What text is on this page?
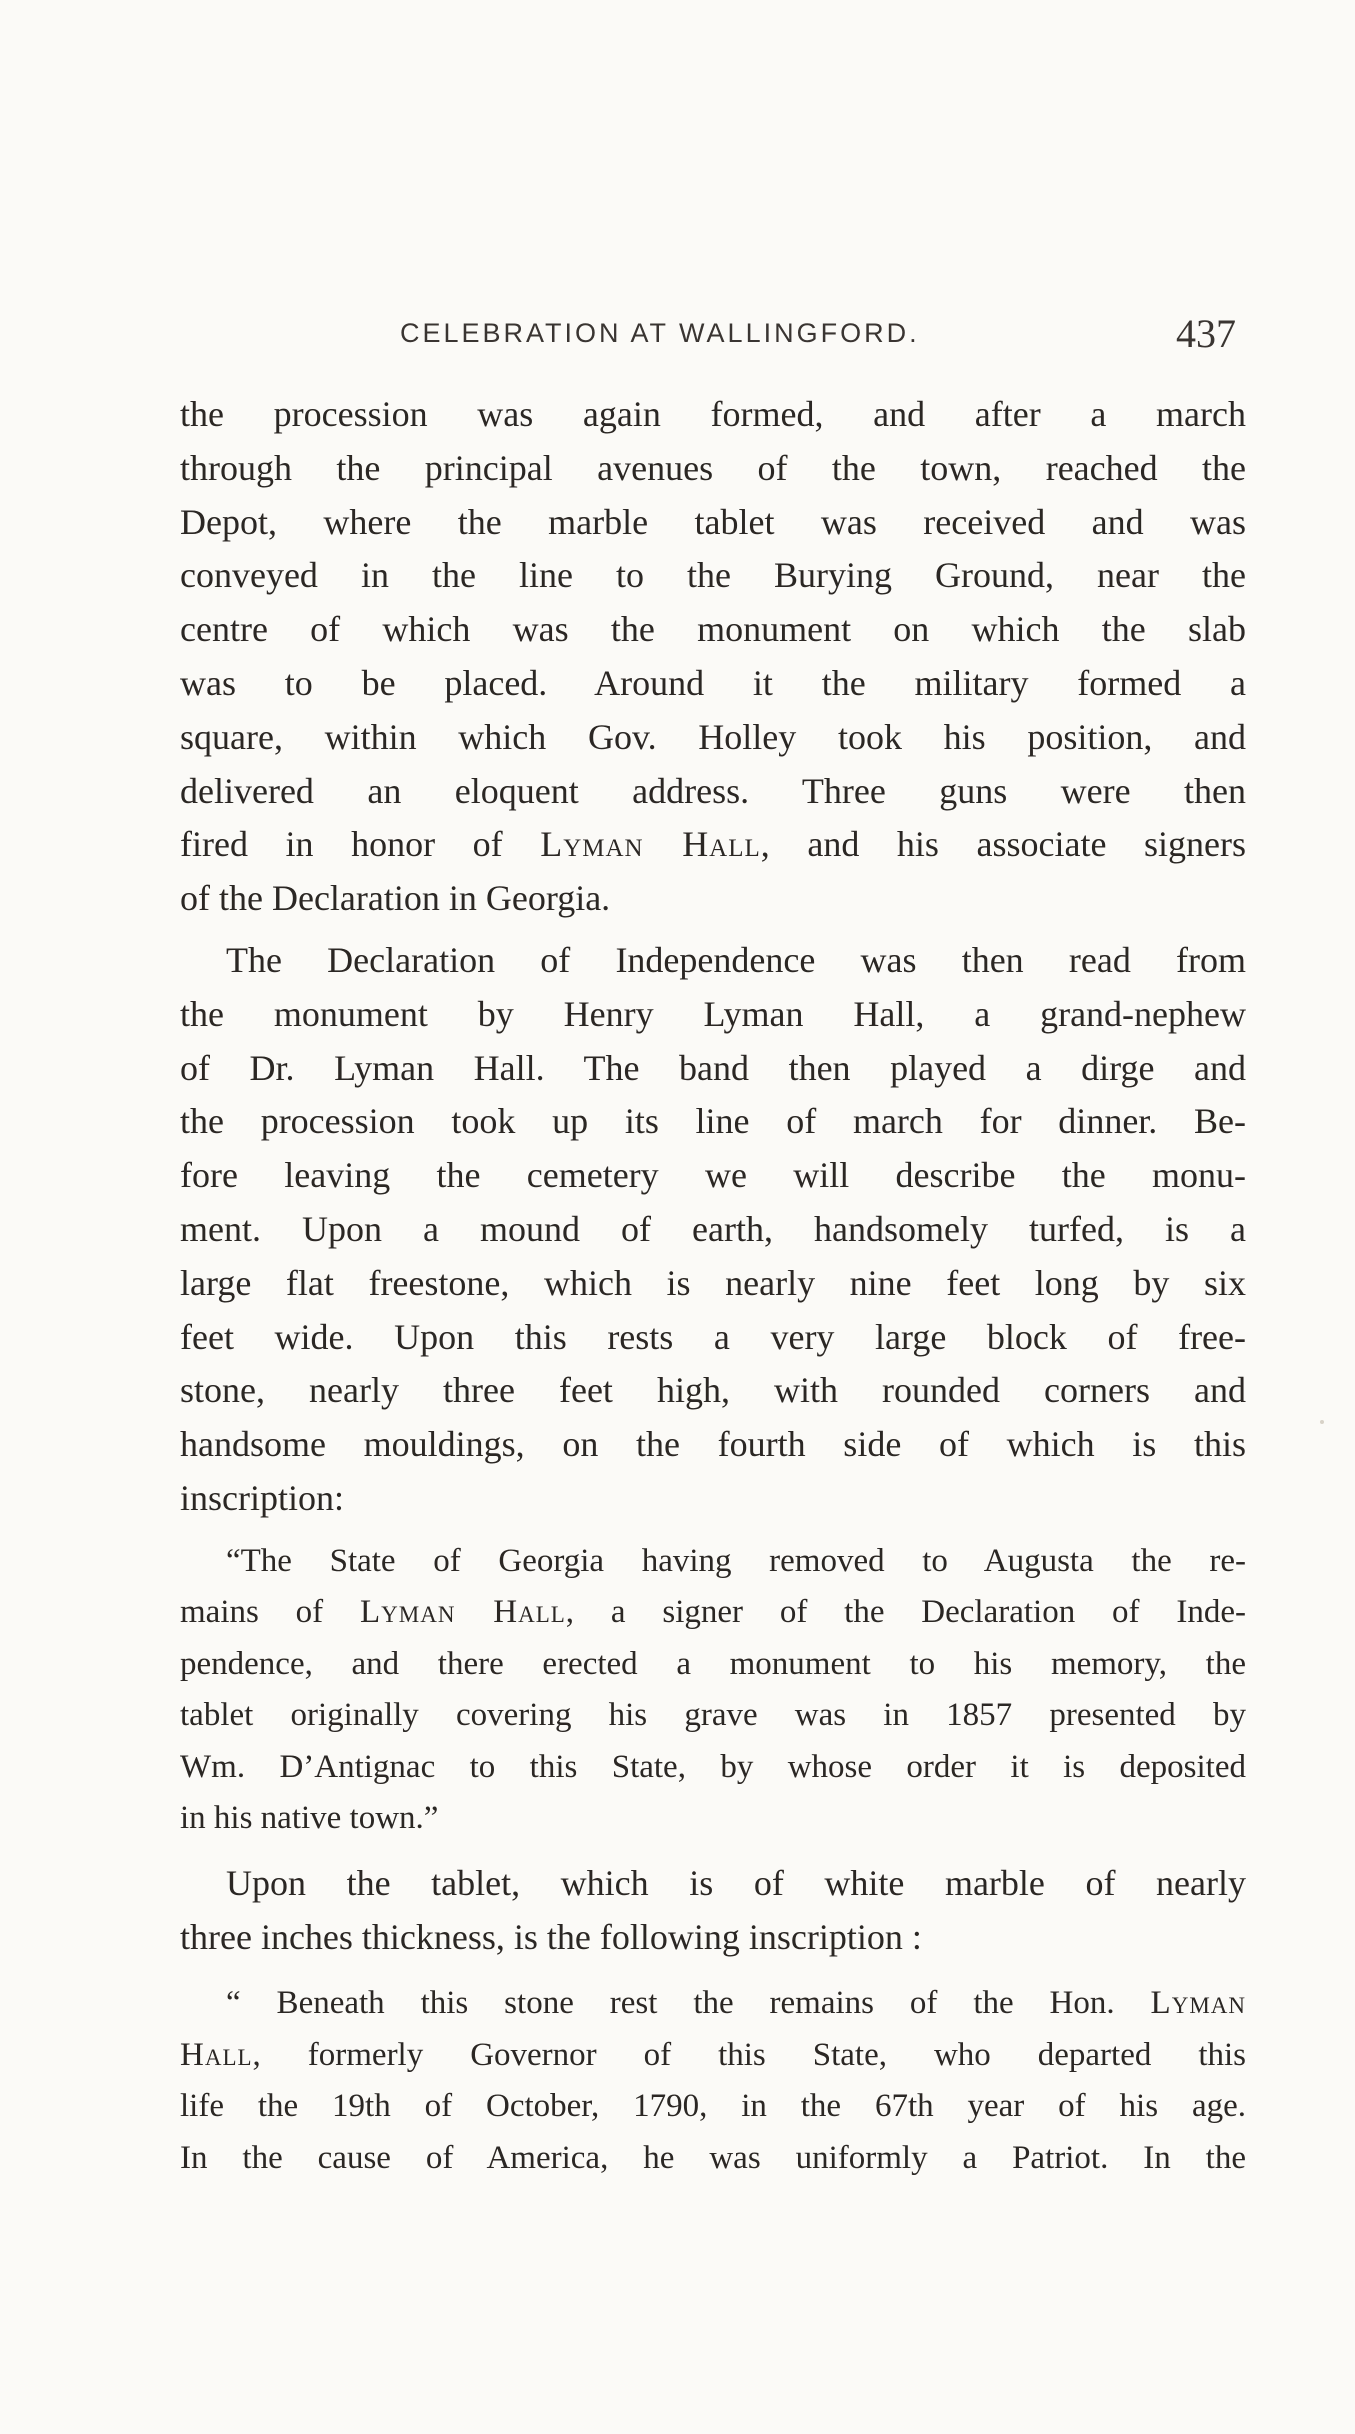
CELEBRATION AT WALLINGFORD.	437

the procession was again formed, and after a march
through the principal avenues of the town, reached the
Depot, where the marble tablet was received and was
conveyed in the line to the Burying Ground, near the
centre of which was the monument on which the slab
was to be placed. Around it the military formed a
square, within which Gov. Holley took his position, and
delivered an eloquent address. Three guns were then
fired in honor of Lyman Hall, and his associate signers
of the Declaration in Georgia.

The Declaration of Independence was then read from
the monument by Henry Lyman Hall, a grand-nephew
of Dr. Lyman Hall. The band then played a dirge and
the procession took up its line of march for dinner. Be-
fore leaving the cemetery we will describe the monu-
ment. Upon a mound of earth, handsomely turfed, is a
large flat freestone, which is nearly nine feet long by six
feet wide. Upon this rests a very large block of free-
stone, nearly three feet high, with rounded corners and
handsome mouldings, on the fourth side of which is this
inscription:

“The State of Georgia having removed to Augusta the re-
mains of Lyman Hall, a signer of the Declaration of Inde-
pendence, and there erected a monument to his memory, the
tablet originally covering his grave was in 1857 presented by
Wm. D’Antignac to this State, by whose order it is deposited
in his native town.”

Upon the tablet, which is of white marble of nearly
three inches thickness, is the following inscription :

“ Beneath this stone rest the remains of the Hon. Lyman
Hall, formerly Governor of this State, who departed this
life the 19th of October, 1790, in the 67th year of his age.
In the cause of America, he was uniformly a Patriot. In the
